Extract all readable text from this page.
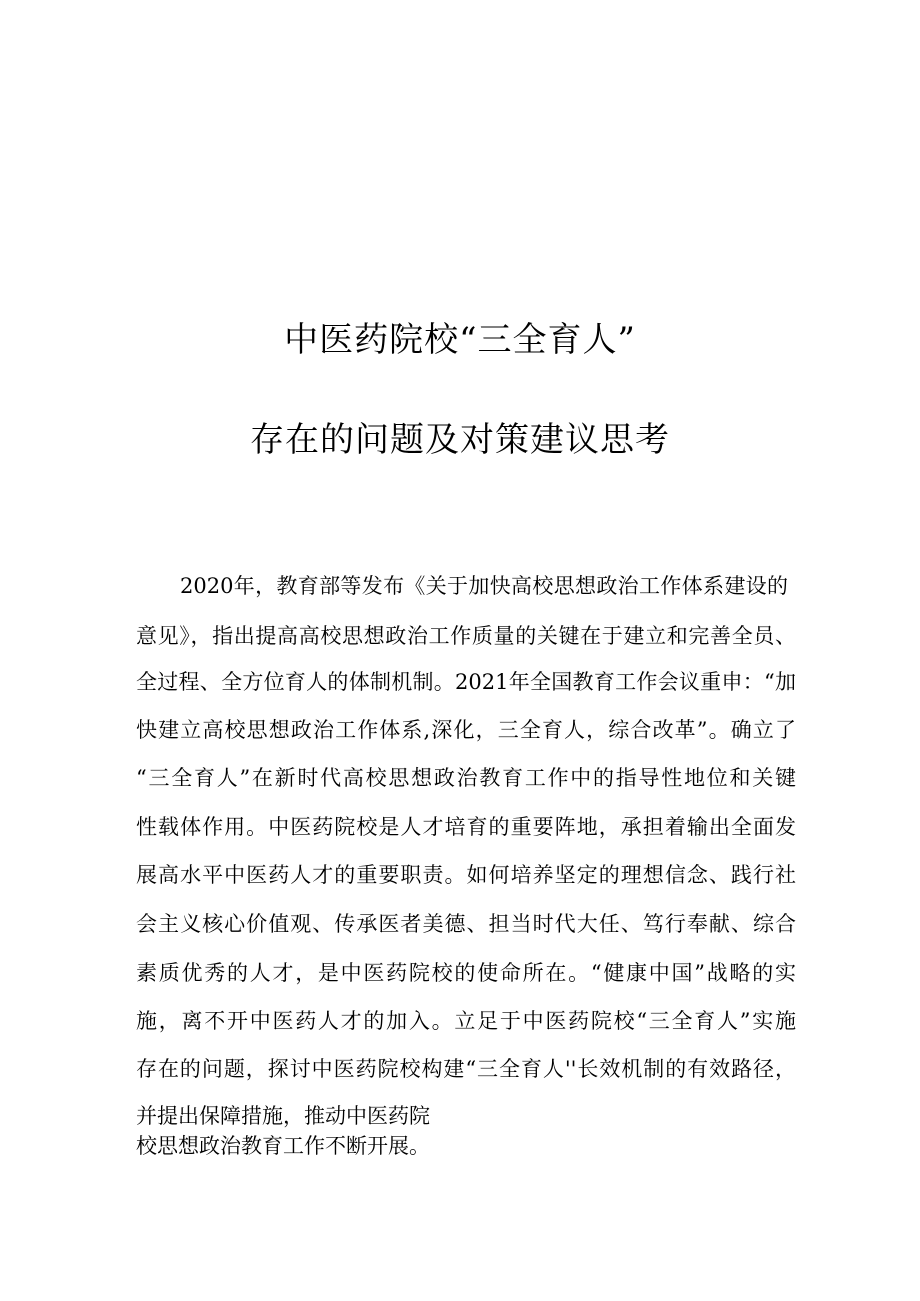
中医药院校“三全育人”
存在的问题及对策建议思考

2020年，教育部等发布《关于加快高校思想政治工作体系建设的

意见》，指出提高高校思想政治工作质量的关键在于建立和完善全员、

全过程、全方位育人的体制机制。2021年全国教育工作会议重申：“加

快建立高校思想政治工作体系,深化，三全育人，综合改革”。确立了

“三全育人”在新时代高校思想政治教育工作中的指导性地位和关键

性载体作用。中医药院校是人才培育的重要阵地，承担着输出全面发

展高水平中医药人才的重要职责。如何培养坚定的理想信念、践行社

会主义核心价值观、传承医者美德、担当时代大任、笃行奉献、综合

素质优秀的人才，是中医药院校的使命所在。“健康中国”战略的实

施，离不开中医药人才的加入。立足于中医药院校“三全育人”实施

存在的问题，探讨中医药院校构建“三全育人''长效机制的有效路径，

并提出保障措施，推动中医药院

校思想政治教育工作不断开展。
